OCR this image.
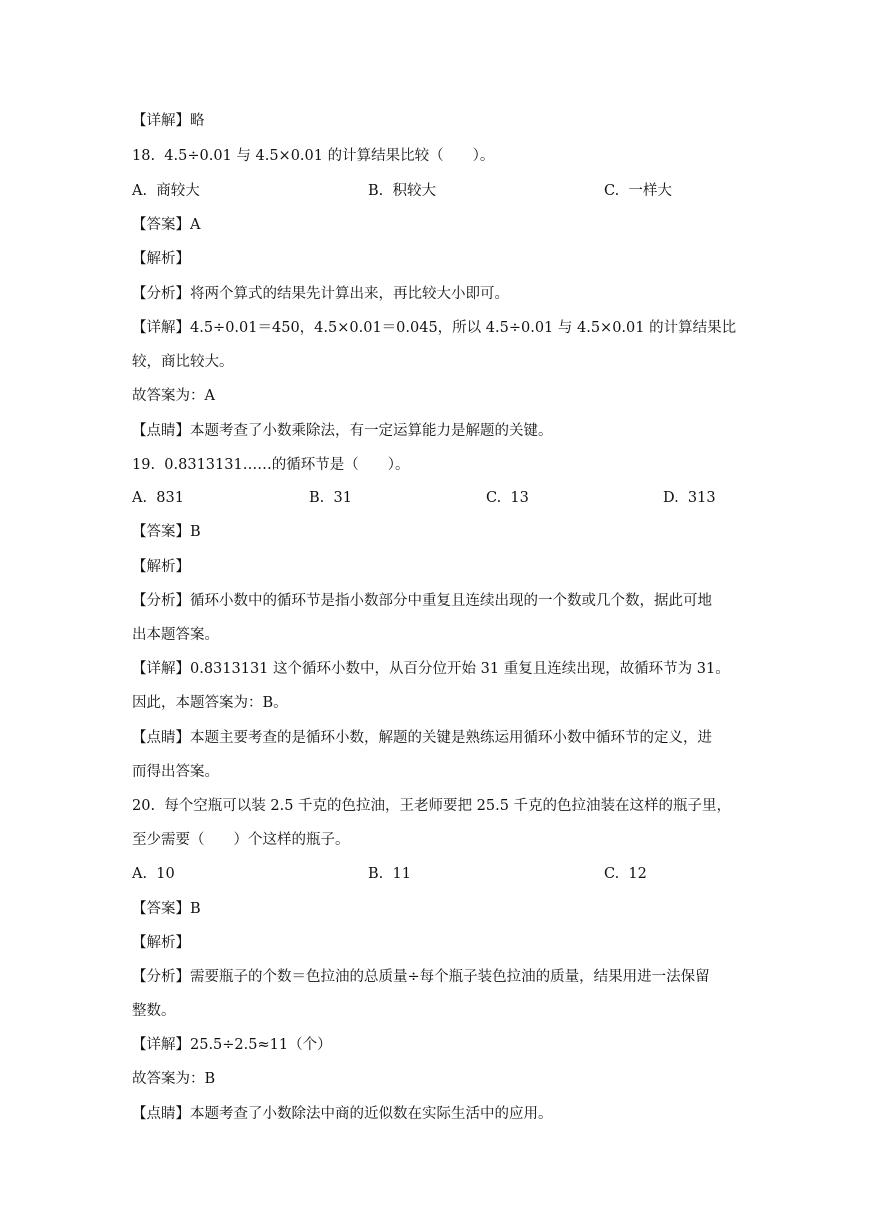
【详解】略
18.  4.5÷0.01 与 4.5×0.01 的计算结果比较（　　）。
A.  商较大	B.  积较大	C.  一样大
【答案】A
【解析】
【分析】将两个算式的结果先计算出来，再比较大小即可。
【详解】4.5÷0.01＝450，4.5×0.01＝0.045，所以 4.5÷0.01 与 4.5×0.01 的计算结果比
较，商比较大。
故答案为：A
【点睛】本题考查了小数乘除法，有一定运算能力是解题的关键。
19.  0.8313131……的循环节是（　　）。
A.  831	B.  31	C.  13	D.  313
【答案】B
【解析】
【分析】循环小数中的循环节是指小数部分中重复且连续出现的一个数或几个数，据此可地
出本题答案。
【详解】0.8313131 这个循环小数中，从百分位开始 31 重复且连续出现，故循环节为 31。
因此，本题答案为：B。
【点睛】本题主要考查的是循环小数，解题的关键是熟练运用循环小数中循环节的定义，进
而得出答案。
20.  每个空瓶可以装 2.5 千克的色拉油，王老师要把 25.5 千克的色拉油装在这样的瓶子里，
至少需要（　　）个这样的瓶子。
A.  10	B.  11	C.  12
【答案】B
【解析】
【分析】需要瓶子的个数＝色拉油的总质量÷每个瓶子装色拉油的质量，结果用进一法保留
整数。
【详解】25.5÷2.5≈11（个）
故答案为：B
【点睛】本题考查了小数除法中商的近似数在实际生活中的应用。
